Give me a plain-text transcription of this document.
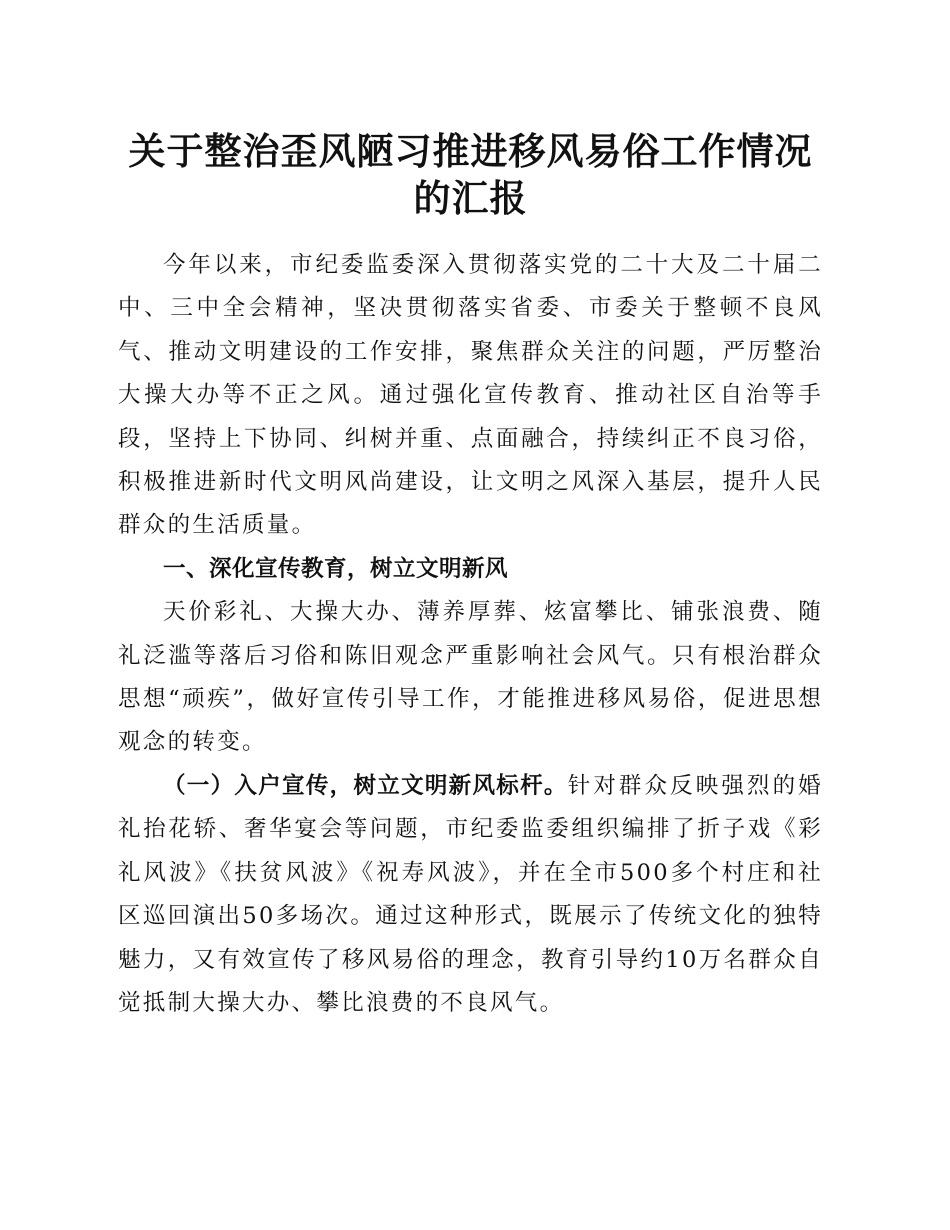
关于整治歪风陋习推进移风易俗工作情况的汇报

今年以来，市纪委监委深入贯彻落实党的二十大及二十届二中、三中全会精神，坚决贯彻落实省委、市委关于整顿不良风气、推动文明建设的工作安排，聚焦群众关注的问题，严厉整治大操大办等不正之风。通过强化宣传教育、推动社区自治等手段，坚持上下协同、纠树并重、点面融合，持续纠正不良习俗，积极推进新时代文明风尚建设，让文明之风深入基层，提升人民群众的生活质量。

一、深化宣传教育，树立文明新风

天价彩礼、大操大办、薄养厚葬、炫富攀比、铺张浪费、随礼泛滥等落后习俗和陈旧观念严重影响社会风气。只有根治群众思想“顽疾”，做好宣传引导工作，才能推进移风易俗，促进思想观念的转变。

（一）入户宣传，树立文明新风标杆。针对群众反映强烈的婚礼抬花轿、奢华宴会等问题，市纪委监委组织编排了折子戏《彩礼风波》《扶贫风波》《祝寿风波》，并在全市500多个村庄和社区巡回演出50多场次。通过这种形式，既展示了传统文化的独特魅力，又有效宣传了移风易俗的理念，教育引导约10万名群众自觉抵制大操大办、攀比浪费的不良风气。
